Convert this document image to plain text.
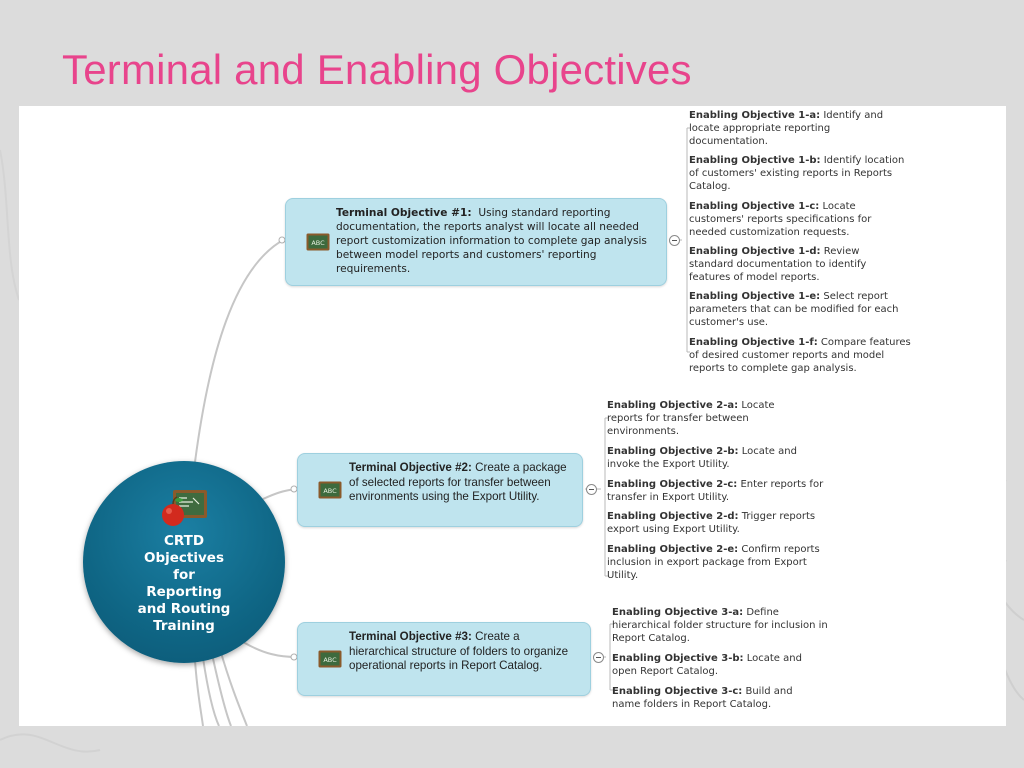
Terminal and Enabling Objectives
CRTD
Objectives
for
Reporting
and Routing
Training
ABC
Terminal Objective #1: Using standard reporting documentation, the reports analyst will locate all needed report customization information to complete gap analysis between model reports and customers' reporting requirements.
Enabling Objective 1-a: Identify and locate appropriate reporting documentation.
Enabling Objective 1-b: Identify location of customers' existing reports in Reports Catalog.
Enabling Objective 1-c: Locate customers' reports specifications for needed customization requests.
Enabling Objective 1-d: Review standard documentation to identify features of model reports.
Enabling Objective 1-e: Select report parameters that can be modified for each customer's use.
Enabling Objective 1-f: Compare features of desired customer reports and model reports to complete gap analysis.
ABC
Terminal Objective #2: Create a package of selected reports for transfer between environments using the Export Utility.
Enabling Objective 2-a: Locate reports for transfer between environments.
Enabling Objective 2-b: Locate and invoke the Export Utility.
Enabling Objective 2-c: Enter reports for transfer in Export Utility.
Enabling Objective 2-d: Trigger reports export using Export Utility.
Enabling Objective 2-e: Confirm reports inclusion in export package from Export Utility.
ABC
Terminal Objective #3: Create a hierarchical structure of folders to organize operational reports in Report Catalog.
Enabling Objective 3-a: Define hierarchical folder structure for inclusion in Report Catalog.
Enabling Objective 3-b: Locate and open Report Catalog.
Enabling Objective 3-c: Build and name folders in Report Catalog.
